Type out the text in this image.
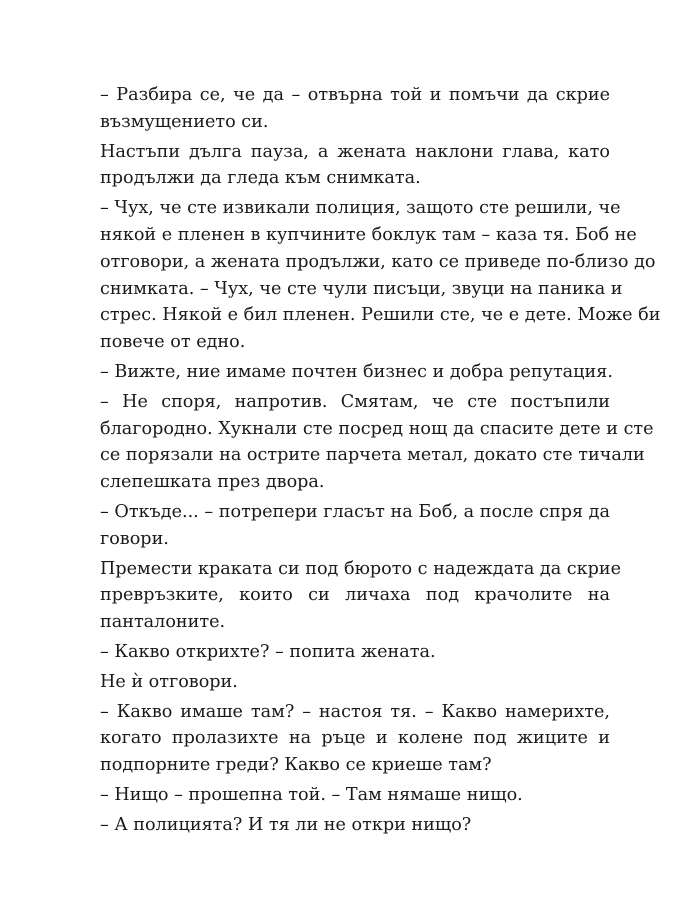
– Разбира се, че да – отвърна той и помъчи да скрие
възмущението си.
Настъпи дълга пауза, а жената наклони глава, като
продължи да гледа към снимката.
– Чух, че сте извикали полиция, защото сте решили, че
някой е пленен в купчините боклук там – каза тя. Боб не
отговори, а жената продължи, като се приведе по-близо до
снимката. – Чух, че сте чули писъци, звуци на паника и
стрес. Някой е бил пленен. Решили сте, че е дете. Може би
повече от едно.
– Вижте, ние имаме почтен бизнес и добра репутация.
– Не споря, напротив. Смятам, че сте постъпили
благородно. Хукнали сте посред нощ да спасите дете и сте
се порязали на острите парчета метал, докато сте тичали
слепешката през двора.
– Откъде... – потрепери гласът на Боб, а после спря да
говори.
Премести краката си под бюрото с надеждата да скрие
превръзките, които си личаха под крачолите на
панталоните.
– Какво открихте? – попита жената.
Не ѝ отговори.
– Какво имаше там? – настоя тя. – Какво намерихте,
когато пролазихте на ръце и колене под жиците и
подпорните греди? Какво се криеше там?
– Нищо – прошепна той. – Там нямаше нищо.
– А полицията? И тя ли не откри нищо?
